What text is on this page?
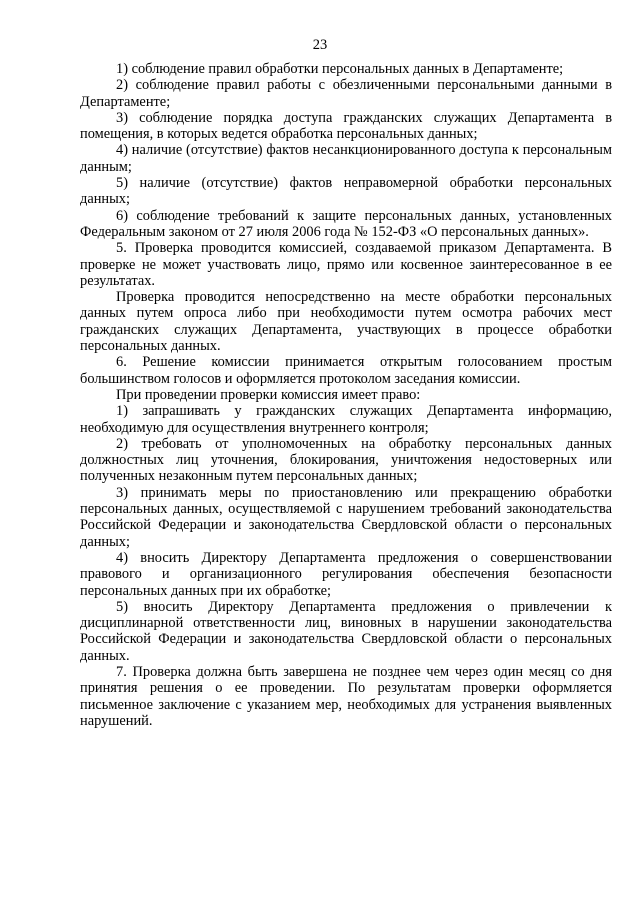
23

1) соблюдение правил обработки персональных данных в Департаменте;

2) соблюдение правил работы с обезличенными персональными данными в Департаменте;

3) соблюдение порядка доступа гражданских служащих Департамента в помещения, в которых ведется обработка персональных данных;

4) наличие (отсутствие) фактов несанкционированного доступа к персональным данным;

5) наличие (отсутствие) фактов неправомерной обработки персональных данных;

6) соблюдение требований к защите персональных данных, установленных Федеральным законом от 27 июля 2006 года № 152-ФЗ «О персональных данных».

5. Проверка проводится комиссией, создаваемой приказом Департамента. В проверке не может участвовать лицо, прямо или косвенное заинтересованное в ее результатах.

Проверка проводится непосредственно на месте обработки персональных данных путем опроса либо при необходимости путем осмотра рабочих мест гражданских служащих Департамента, участвующих в процессе обработки персональных данных.

6. Решение комиссии принимается открытым голосованием простым большинством голосов и оформляется протоколом заседания комиссии.

При проведении проверки комиссия имеет право:

1) запрашивать у гражданских служащих Департамента информацию, необходимую для осуществления внутреннего контроля;

2) требовать от уполномоченных на обработку персональных данных должностных лиц уточнения, блокирования, уничтожения недостоверных или полученных незаконным путем персональных данных;

3) принимать меры по приостановлению или прекращению обработки персональных данных, осуществляемой с нарушением требований законодательства Российской Федерации и законодательства Свердловской области о персональных данных;

4) вносить Директору Департамента предложения о совершенствовании правового и организационного регулирования обеспечения безопасности персональных данных при их обработке;

5) вносить Директору Департамента предложения о привлечении к дисциплинарной ответственности лиц, виновных в нарушении законодательства Российской Федерации и законодательства Свердловской области о персональных данных.

7. Проверка должна быть завершена не позднее чем через один месяц со дня принятия решения о ее проведении. По результатам проверки оформляется письменное заключение с указанием мер, необходимых для устранения выявленных нарушений.
